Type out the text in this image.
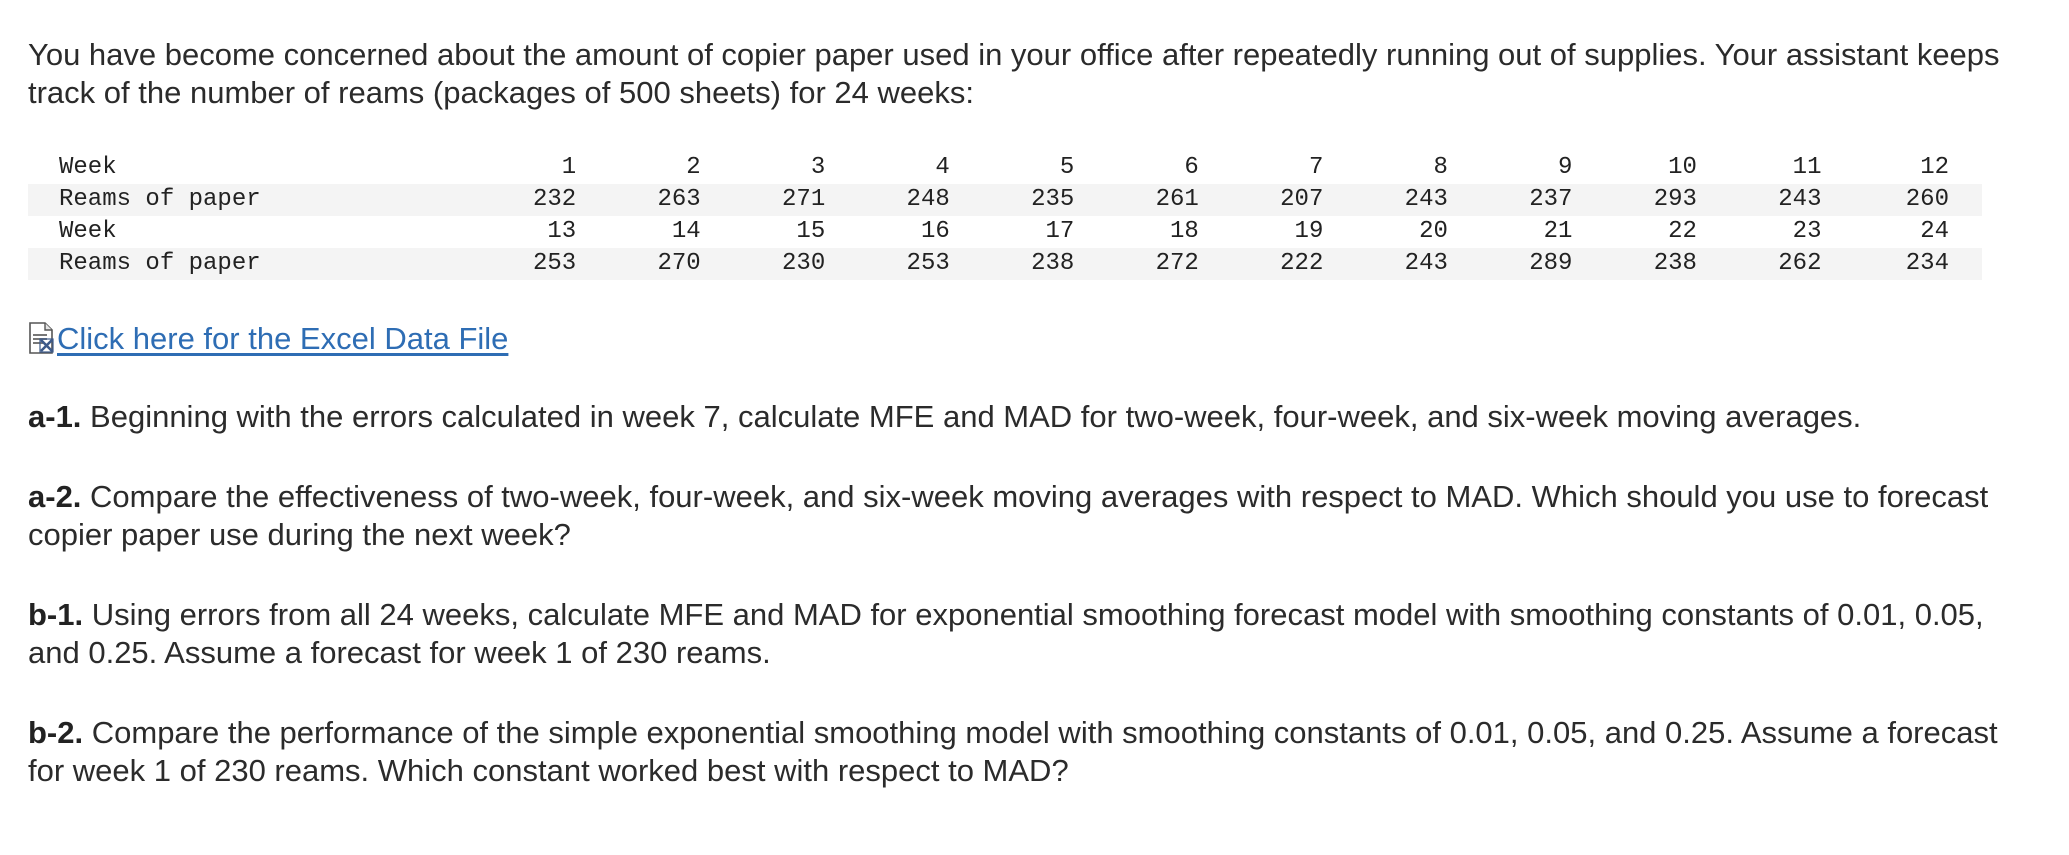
You have become concerned about the amount of copier paper used in your office after repeatedly running out of supplies. Your assistant keeps track of the number of reams (packages of 500 sheets) for 24 weeks:

Week	1	2	3	4	5	6	7	8	9	10	11	12
Reams of paper	232	263	271	248	235	261	207	243	237	293	243	260
Week	13	14	15	16	17	18	19	20	21	22	23	24
Reams of paper	253	270	230	253	238	272	222	243	289	238	262	234
Click here for the Excel Data File

a-1. Beginning with the errors calculated in week 7, calculate MFE and MAD for two-week, four-week, and six-week moving averages.

a-2. Compare the effectiveness of two-week, four-week, and six-week moving averages with respect to MAD. Which should you use to forecast copier paper use during the next week?

b-1. Using errors from all 24 weeks, calculate MFE and MAD for exponential smoothing forecast model with smoothing constants of 0.01, 0.05, and 0.25. Assume a forecast for week 1 of 230 reams.

b-2. Compare the performance of the simple exponential smoothing model with smoothing constants of 0.01, 0.05, and 0.25. Assume a forecast for week 1 of 230 reams. Which constant worked best with respect to MAD?
